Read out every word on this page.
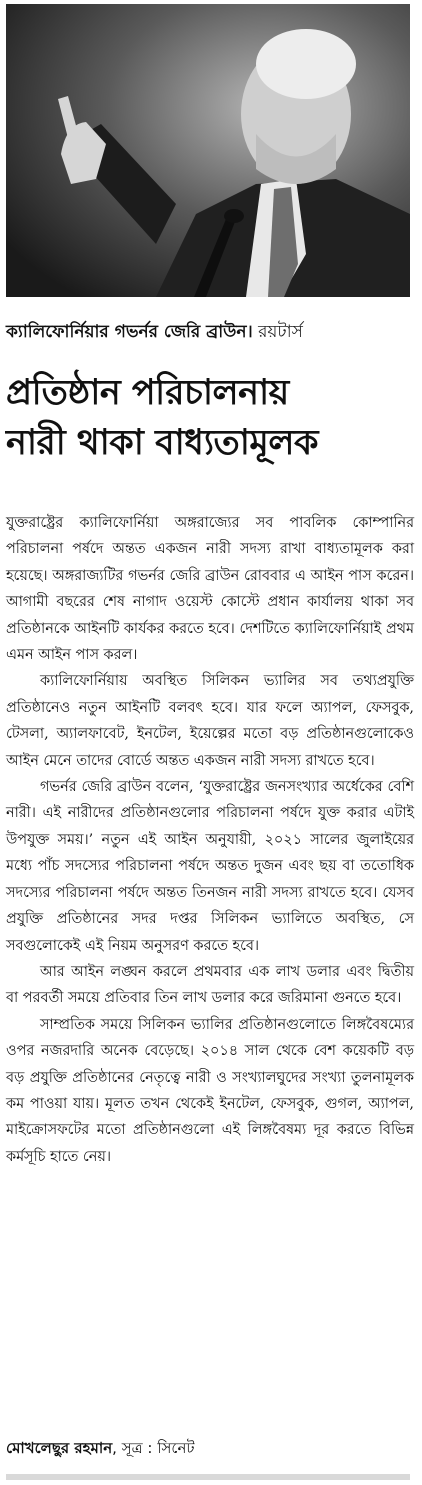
ক্যালিফোর্নিয়ার গভর্নর জেরি ব্রাউন। রয়টার্স
প্রতিষ্ঠান পরিচালনায়
নারী থাকা বাধ্যতামূলক

যুক্তরাষ্ট্রের ক্যালিফোর্নিয়া অঙ্গরাজ্যের সব পাবলিক কোম্পানির পরিচালনা পর্ষদে অন্তত একজন নারী সদস্য রাখা বাধ্যতামূলক করা হয়েছে। অঙ্গরাজ্যটির গভর্নর জেরি ব্রাউন রোববার এ আইন পাস করেন। আগামী বছরের শেষ নাগাদ ওয়েস্ট কোস্টে প্রধান কার্যালয় থাকা সব প্রতিষ্ঠানকে আইনটি কার্যকর করতে হবে। দেশটিতে ক্যালিফোর্নিয়াই প্রথম এমন আইন পাস করল।

ক্যালিফোর্নিয়ায় অবস্থিত সিলিকন ভ্যালির সব তথ্যপ্রযুক্তি প্রতিষ্ঠানেও নতুন আইনটি বলবৎ হবে। যার ফলে অ্যাপল, ফেসবুক, টেসলা, অ্যালফাবেট, ইনটেল, ইয়েল্পের মতো বড় প্রতিষ্ঠানগুলোকেও আইন মেনে তাদের বোর্ডে অন্তত একজন নারী সদস্য রাখতে হবে।

গভর্নর জেরি ব্রাউন বলেন, ‘যুক্তরাষ্ট্রের জনসংখ্যার অর্ধেকের বেশি নারী। এই নারীদের প্রতিষ্ঠানগুলোর পরিচালনা পর্ষদে যুক্ত করার এটাই উপযুক্ত সময়।’ নতুন এই আইন অনুযায়ী, ২০২১ সালের জুলাইয়ের মধ্যে পাঁচ সদস্যের পরিচালনা পর্ষদে অন্তত দুজন এবং ছয় বা ততোধিক সদস্যের পরিচালনা পর্ষদে অন্তত তিনজন নারী সদস্য রাখতে হবে। যেসব প্রযুক্তি প্রতিষ্ঠানের সদর দপ্তর সিলিকন ভ্যালিতে অবস্থিত, সে সবগুলোকেই এই নিয়ম অনুসরণ করতে হবে।

আর আইন লঙ্ঘন করলে প্রথমবার এক লাখ ডলার এবং দ্বিতীয় বা পরবর্তী সময়ে প্রতিবার তিন লাখ ডলার করে জরিমানা গুনতে হবে।

সাম্প্রতিক সময়ে সিলিকন ভ্যালির প্রতিষ্ঠানগুলোতে লিঙ্গবৈষম্যের ওপর নজরদারি অনেক বেড়েছে। ২০১৪ সাল থেকে বেশ কয়েকটি বড় বড় প্রযুক্তি প্রতিষ্ঠানের নেতৃত্বে নারী ও সংখ্যালঘুদের সংখ্যা তুলনামূলক কম পাওয়া যায়। মূলত তখন থেকেই ইনটেল, ফেসবুক, গুগল, অ্যাপল, মাইক্রোসফটের মতো প্রতিষ্ঠানগুলো এই লিঙ্গবৈষম্য দূর করতে বিভিন্ন কর্মসূচি হাতে নেয়।

মোখলেছুর রহমান, সূত্র : সিনেট
